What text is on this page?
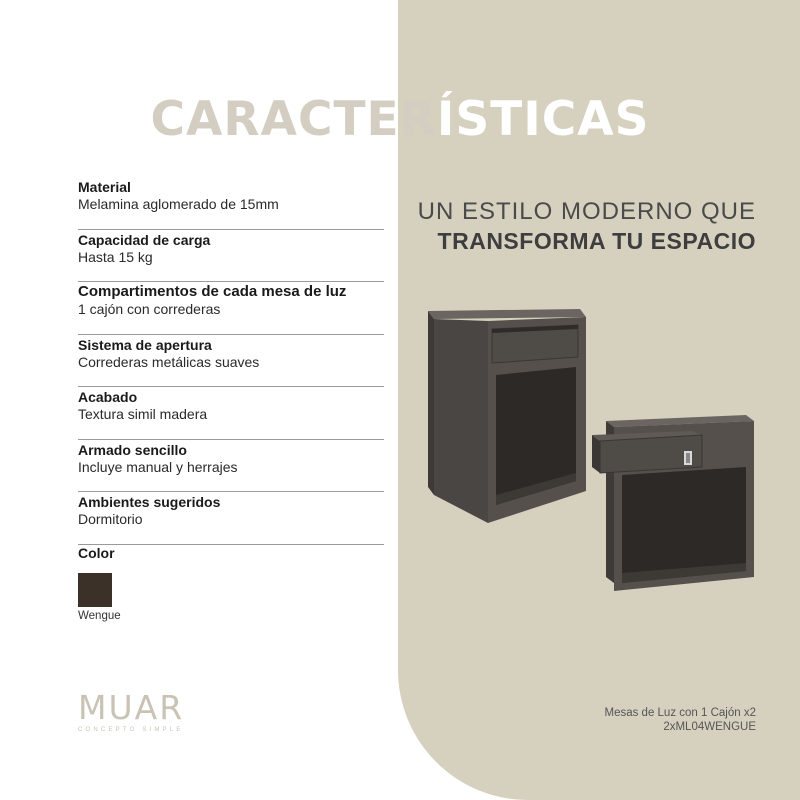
CARACTERÍSTICAS
Material
Melamina aglomerado de 15mm
Capacidad de carga
Hasta 15 kg
Compartimentos de cada mesa de luz
1 cajón con correderas
Sistema de apertura
Correderas metálicas suaves
Acabado
Textura simil madera
Armado sencillo
Incluye manual y herrajes
Ambientes sugeridos
Dormitorio
Color
Wengue
UN ESTILO MODERNO QUE
TRANSFORMA TU ESPACIO
Mesas de Luz con 1 Cajón x2
2xML04WENGUE
MUAR
CONCEPTO SIMPLE
